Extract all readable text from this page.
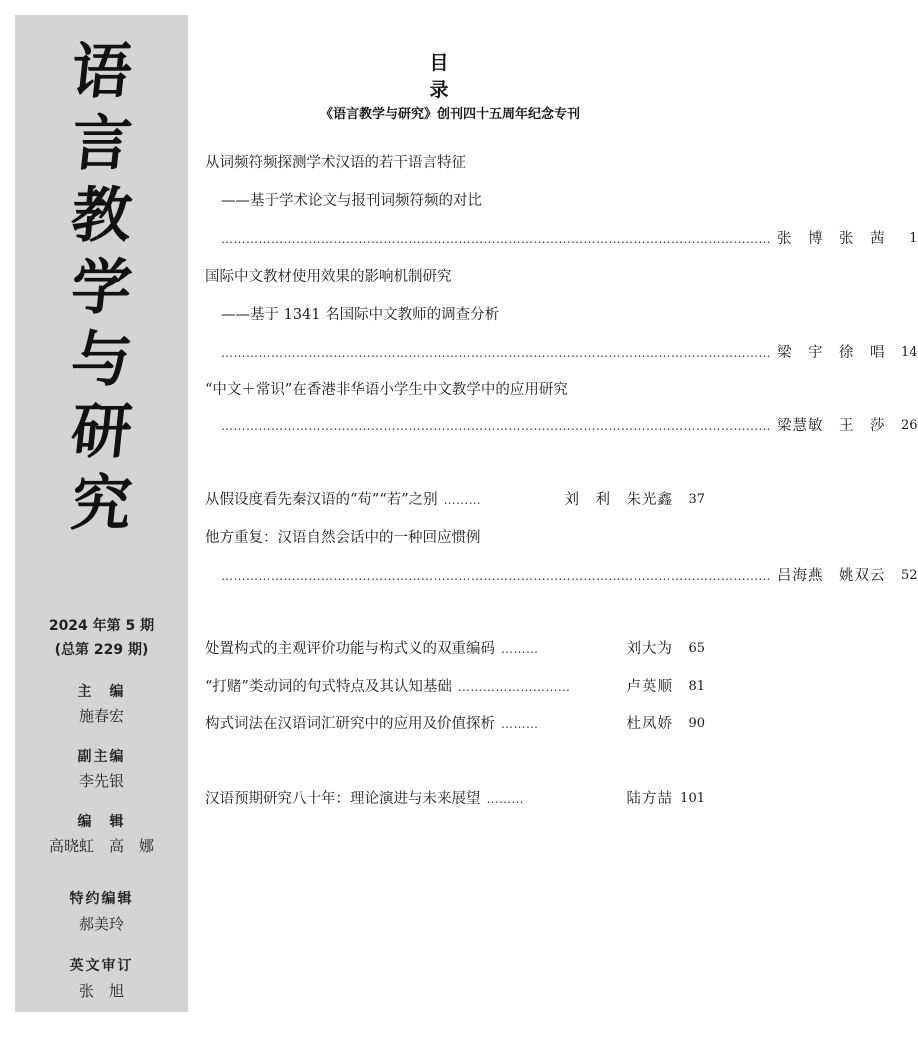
语
言
教
学
与
研
究
2024 年第 5 期
(总第 229 期)
主　编
施春宏
副主编
李先银
编　辑
高晓虹　高　娜
特约编辑
郝美玲
英文审订
张　旭
目 录
《语言教学与研究》创刊四十五周年纪念专刊
从词频符频探测学术汉语的若干语言特征
——基于学术论文与报刊词频符频的对比
…………………………………………………………………………………………………………………… 张　博　张　茜	1
国际中文教材使用效果的影响机制研究
——基于 1341 名国际中文教师的调查分析
…………………………………………………………………………………………………………………… 梁　宇　徐　唱	14
“中文＋常识”在香港非华语小学生中文教学中的应用研究
…………………………………………………………………………………………………………………… 梁慧敏　王　莎	26
从假设度看先秦汉语的“苟”“若”之别 ………	刘　利　朱光鑫	37
他方重复：汉语自然会话中的一种回应惯例
…………………………………………………………………………………………………………………… 吕海燕　姚双云	52
处置构式的主观评价功能与构式义的双重编码 ………	刘大为	65
“打赌”类动词的句式特点及其认知基础 ………………………	卢英顺	81
构式词法在汉语词汇研究中的应用及价值探析 ………	杜凤娇	90
汉语预期研究八十年：理论演进与未来展望 ………	陆方喆 101
